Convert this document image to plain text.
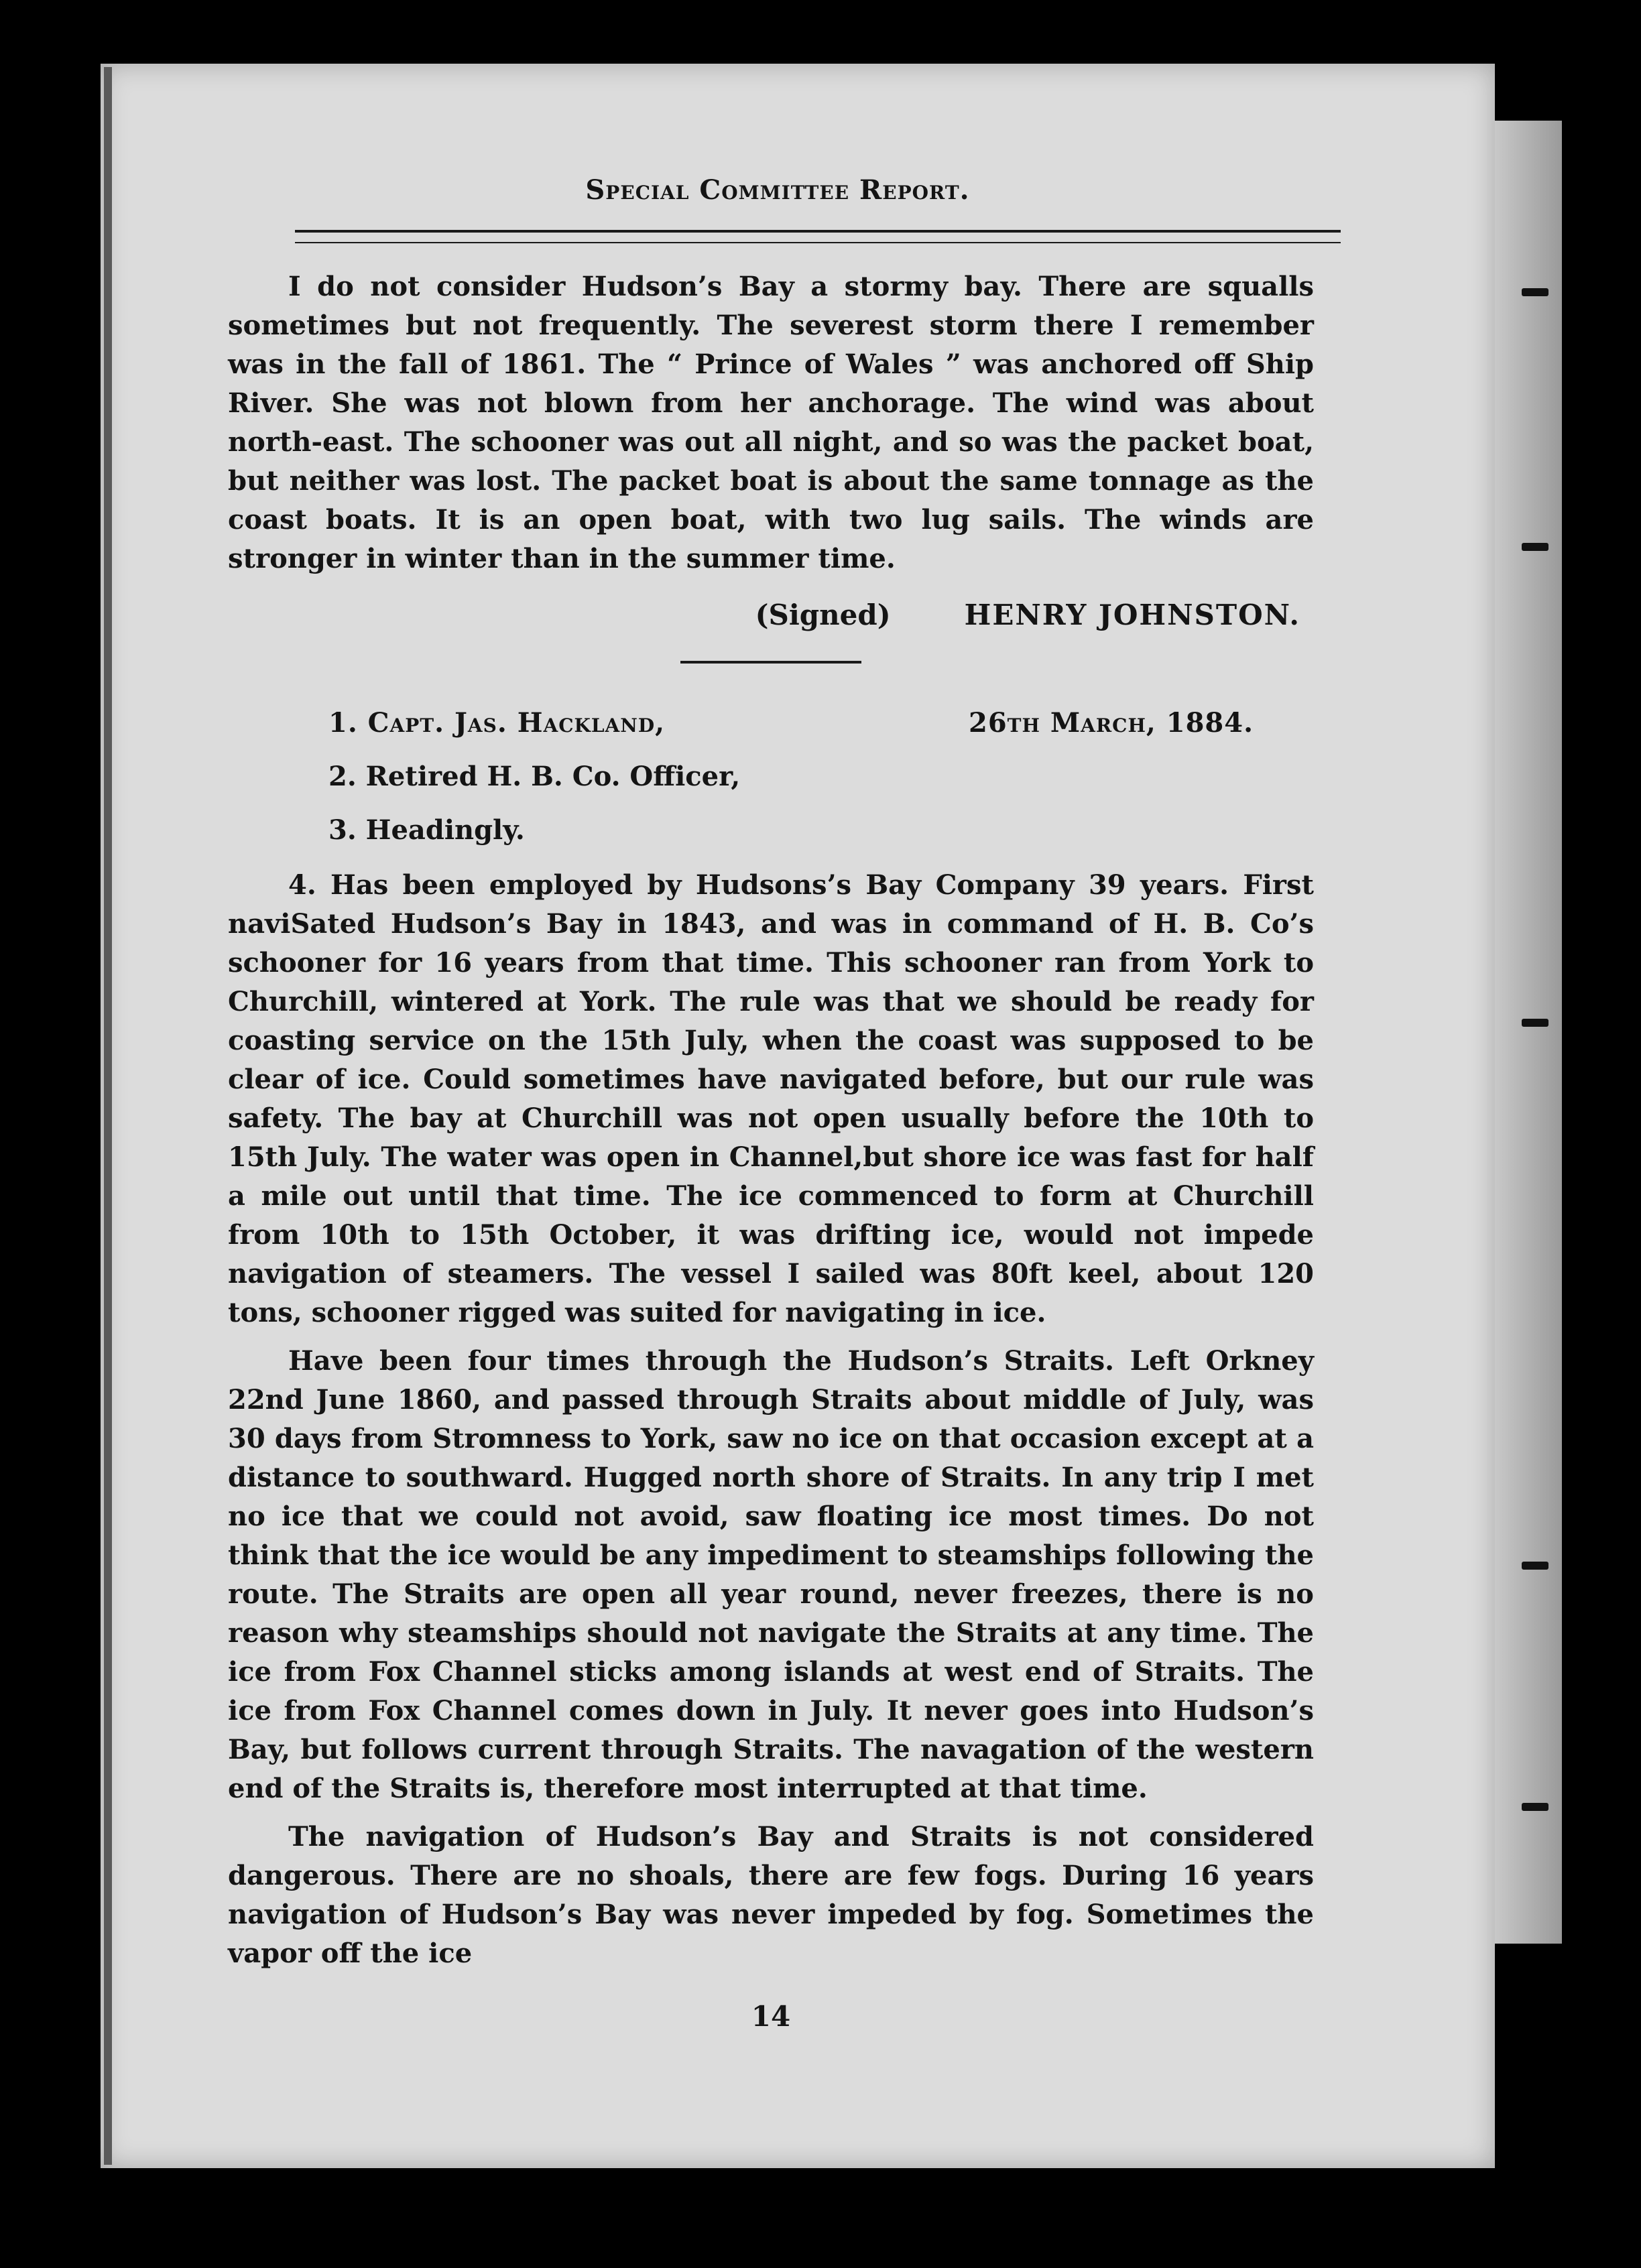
Special Committee Report.

I do not consider Hudson’s Bay a stormy bay. There are squalls sometimes but not frequently. The severest storm there I remember was in the fall of 1861. The “ Prince of Wales ” was anchored off Ship River. She was not blown from her anchorage. The wind was about north-east. The schooner was out all night, and so was the packet boat, but neither was lost. The packet boat is about the same tonnage as the coast boats. It is an open boat, with two lug sails. The winds are stronger in winter than in the summer time.

(Signed)	HENRY JOHNSTON.
1. Capt. Jas. Hackland,	26th March, 1884.
2. Retired H. B. Co. Officer,
3. Headingly.

4. Has been employed by Hudsons’s Bay Company 39 years. First naviSated Hudson’s Bay in 1843, and was in command of H. B. Co’s schooner for 16 years from that time. This schooner ran from York to Churchill, wintered at York. The rule was that we should be ready for coasting service on the 15th July, when the coast was supposed to be clear of ice. Could sometimes have navigated before, but our rule was safety. The bay at Churchill was not open usually before the 10th to 15th July. The water was open in Channel,but shore ice was fast for half a mile out until that time. The ice commenced to form at Churchill from 10th to 15th October, it was drifting ice, would not impede navigation of steamers. The vessel I sailed was 80ft keel, about 120 tons, schooner rigged was suited for navigating in ice.

Have been four times through the Hudson’s Straits. Left Orkney 22nd June 1860, and passed through Straits about middle of July, was 30 days from Stromness to York, saw no ice on that occasion except at a distance to southward. Hugged north shore of Straits. In any trip I met no ice that we could not avoid, saw floating ice most times. Do not think that the ice would be any impediment to steamships following the route. The Straits are open all year round, never freezes, there is no reason why steamships should not navigate the Straits at any time. The ice from Fox Channel sticks among islands at west end of Straits. The ice from Fox Channel comes down in July. It never goes into Hudson’s Bay, but follows current through Straits. The navagation of the western end of the Straits is, therefore most interrupted at that time.

The navigation of Hudson’s Bay and Straits is not considered dangerous. There are no shoals, there are few fogs. During 16 years navigation of Hudson’s Bay was never impeded by fog. Sometimes the vapor off the ice

14
